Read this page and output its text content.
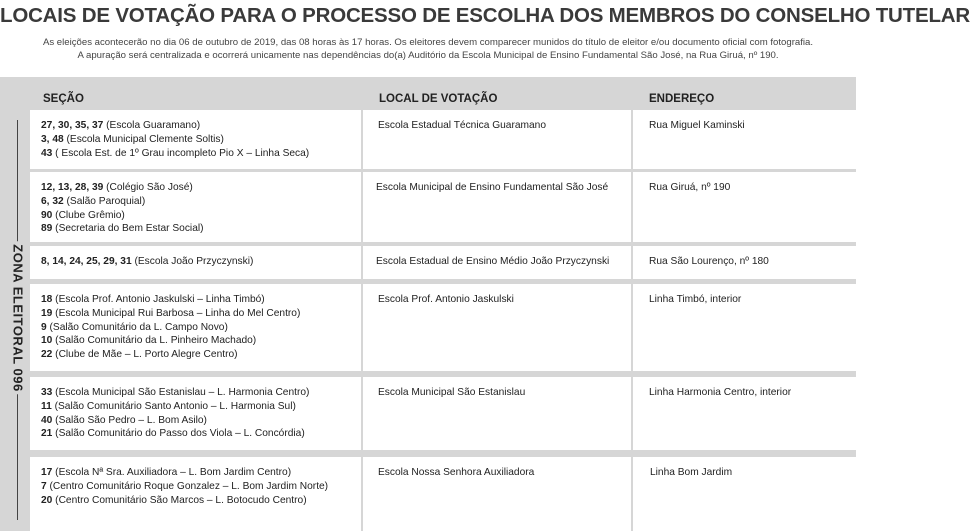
LOCAIS DE VOTAÇÃO PARA O PROCESSO DE ESCOLHA DOS MEMBROS DO CONSELHO TUTELAR
As eleições acontecerão no dia 06 de outubro de 2019, das 08 horas às 17 horas. Os eleitores devem comparecer munidos do título de eleitor e/ou documento oficial com fotografia.
A apuração será centralizada e ocorrerá unicamente nas dependências do(a) Auditório da Escola Municipal de Ensino Fundamental São José, na Rua Giruá, nº 190.
SEÇÃO	LOCAL DE VOTAÇÃO	ENDEREÇO
ZONA ELEITORAL 096
27, 30, 35, 37 (Escola Guaramano)
3, 48 (Escola Municipal Clemente Soltis)
43 ( Escola Est. de 1º Grau incompleto Pio X – Linha Seca)
Escola Estadual Técnica Guaramano	Rua Miguel Kaminski
12, 13, 28, 39 (Colégio São José)
6, 32 (Salão Paroquial)
90 (Clube Grêmio)
89 (Secretaria do Bem Estar Social)
Escola Municipal de Ensino Fundamental São José	Rua Giruá, nº 190
8, 14, 24, 25, 29, 31 (Escola João Przyczynski)	Escola Estadual de Ensino Médio João Przyczynski	Rua São Lourenço, nº 180
18 (Escola Prof. Antonio Jaskulski – Linha Timbó)
19 (Escola Municipal Rui Barbosa – Linha do Mel Centro)
9 (Salão Comunitário da L. Campo Novo)
10 (Salão Comunitário da L. Pinheiro Machado)
22 (Clube de Mãe – L. Porto Alegre Centro)
Escola Prof. Antonio Jaskulski	Linha Timbó, interior
33 (Escola Municipal São Estanislau – L. Harmonia Centro)
11 (Salão Comunitário Santo Antonio – L. Harmonia Sul)
40 (Salão São Pedro – L. Bom Asilo)
21 (Salão Comunitário do Passo dos Viola – L. Concórdia)
Escola Municipal São Estanislau	Linha Harmonia Centro, interior
17 (Escola Nª Sra. Auxiliadora – L. Bom Jardim Centro)
7 (Centro Comunitário Roque Gonzalez – L. Bom Jardim Norte)
20 (Centro Comunitário São Marcos – L. Botocudo Centro)
Escola Nossa Senhora Auxiliadora	Linha Bom Jardim
